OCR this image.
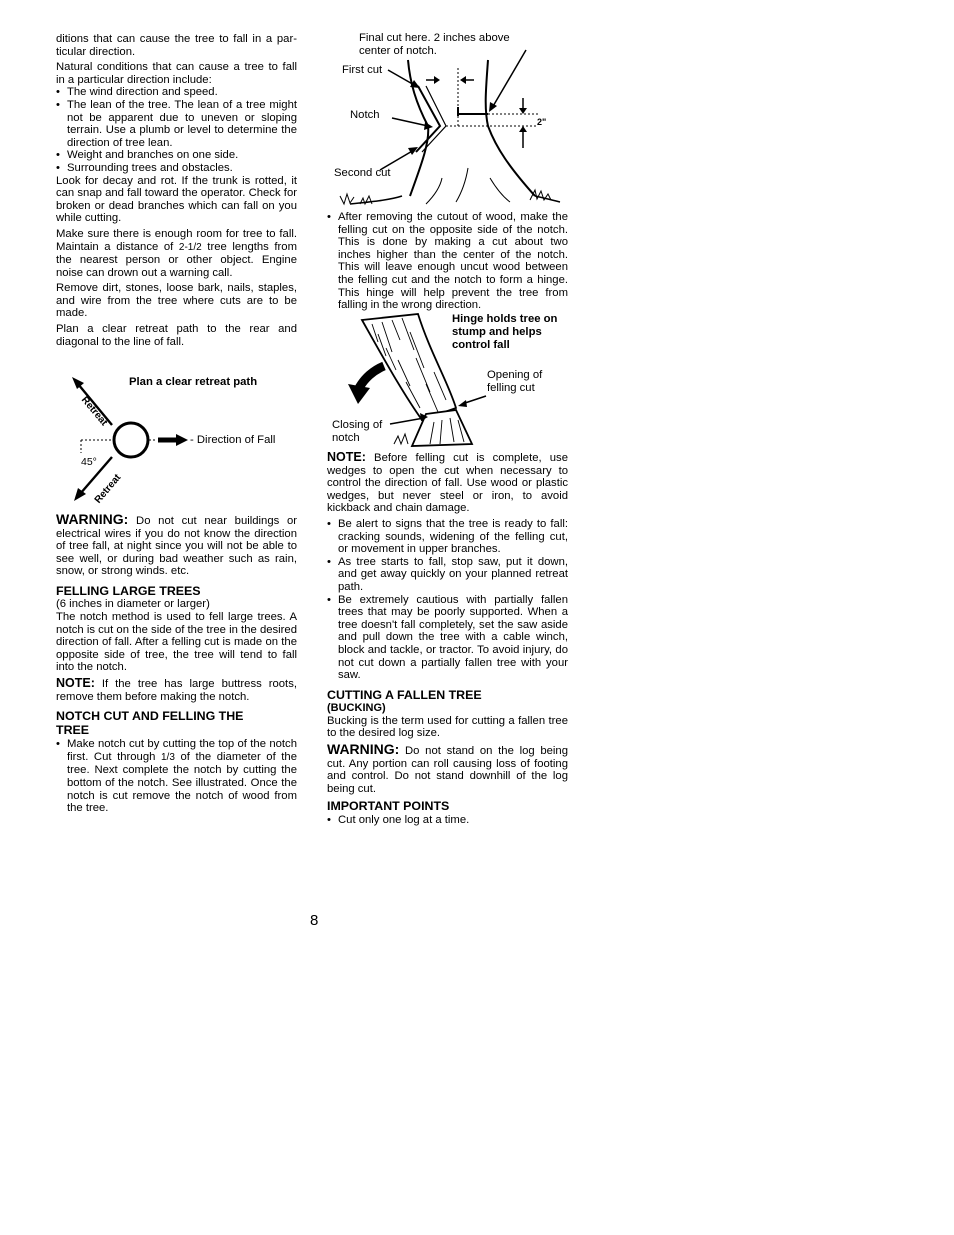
ditions that can cause the tree to fall in a par-ticular direction.

Natural conditions that can cause a tree to fall in a particular direction include:

• The wind direction and speed.
• The lean of the tree. The lean of a tree might not be apparent due to uneven or sloping terrain. Use a plumb or level to determine the direction of tree lean.
• Weight and branches on one side.
• Surrounding trees and obstacles.

Look for decay and rot. If the trunk is rotted, it can snap and fall toward the operator. Check for broken or dead branches which can fall on you while cutting.

Make sure there is enough room for tree to fall. Maintain a distance of 2-1/2 tree lengths from the nearest person or other object. Engine noise can drown out a warning call.

Remove dirt, stones, loose bark, nails, staples, and wire from the tree where cuts are to be made.

Plan a clear retreat path to the rear and diagonal to the line of fall.

Plan a clear retreat path
Retreat
Retreat
- Direction of Fall
45°

WARNING: Do not cut near buildings or electrical wires if you do not know the direction of tree fall, at night since you will not be able to see well, or during bad weather such as rain, snow, or strong winds. etc.

FELLING LARGE TREES
(6 inches in diameter or larger)

The notch method is used to fell large trees. A notch is cut on the side of the tree in the desired direction of fall. After a felling cut is made on the opposite side of tree, the tree will tend to fall into the notch.

NOTE: If the tree has large buttress roots, remove them before making the notch.

NOTCH CUT AND FELLING THE TREE
• Make notch cut by cutting the top of the notch first. Cut through 1/3 of the diameter of the tree. Next complete the notch by cutting the bottom of the notch. See illustrated. Once the notch is cut remove the notch of wood from the tree.
Final cut here. 2 inches above center of notch.
First cut
Notch
Second cut
2"
• After removing the cutout of wood, make the felling cut on the opposite side of the notch. This is done by making a cut about two inches higher than the center of the notch. This will leave enough uncut wood between the felling cut and the notch to form a hinge. This hinge will help prevent the tree from falling in the wrong direction.
Hinge holds tree on stump and helps control fall
Opening of felling cut
Closing of notch

NOTE: Before felling cut is complete, use wedges to open the cut when necessary to control the direction of fall. Use wood or plastic wedges, but never steel or iron, to avoid kickback and chain damage.

• Be alert to signs that the tree is ready to fall: cracking sounds, widening of the felling cut, or movement in upper branches.
• As tree starts to fall, stop saw, put it down, and get away quickly on your planned retreat path.
• Be extremely cautious with partially fallen trees that may be poorly supported. When a tree doesn't fall completely, set the saw aside and pull down the tree with a cable winch, block and tackle, or tractor. To avoid injury, do not cut down a partially fallen tree with your saw.
CUTTING A FALLEN TREE
(BUCKING)

Bucking is the term used for cutting a fallen tree to the desired log size.

WARNING: Do not stand on the log being cut. Any portion can roll causing loss of footing and control. Do not stand downhill of the log being cut.

IMPORTANT POINTS
• Cut only one log at a time.
8
